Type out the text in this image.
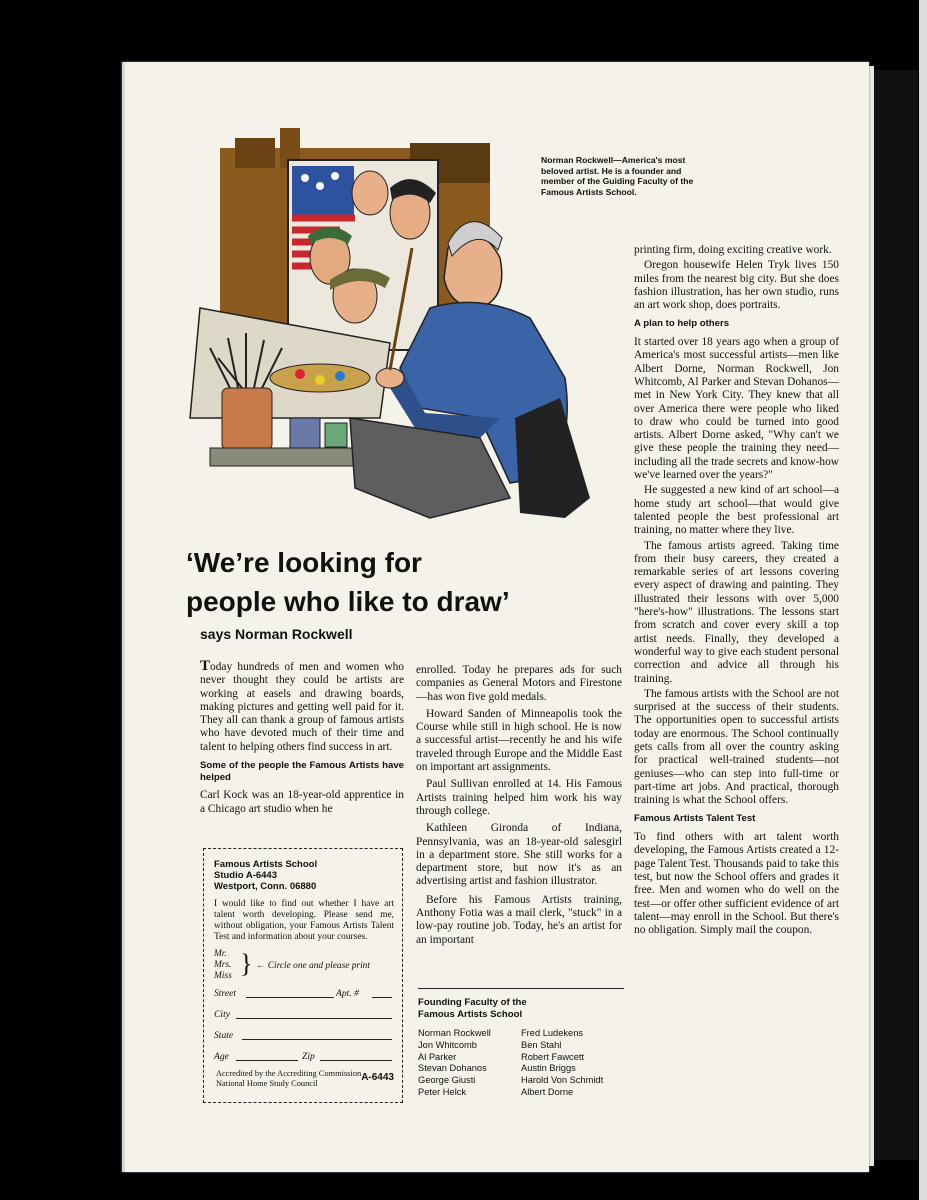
Norman Rockwell—America's most beloved artist. He is a founder and member of the Guiding Faculty of the Famous Artists School.
‘We’re looking for
people who like to draw’
says Norman Rockwell

Today hundreds of men and women who never thought they could be artists are working at easels and drawing boards, making pictures and getting well paid for it. They all can thank a group of famous artists who have devoted much of their time and talent to helping others find success in art.

Some of the people the Famous Artists have helped

Carl Kock was an 18-year-old apprentice in a Chicago art studio when he

Famous Artists School
Studio A-6443
Westport, Conn. 06880
I would like to find out whether I have art talent worth developing. Please send me, without obligation, your Famous Artists Talent Test and information about your courses.
Mr.
Mrs.
Miss } ← Circle one and please print
Street	Apt. #
City
State
Age	Zip
Accredited by the Accrediting Commission
National Home Study Council
A-6443

enrolled. Today he prepares ads for such companies as General Motors and Firestone—has won five gold medals.

Howard Sanden of Minneapolis took the Course while still in high school. He is now a successful artist—recently he and his wife traveled through Europe and the Middle East on important art assignments.

Paul Sullivan enrolled at 14. His Famous Artists training helped him work his way through college.

Kathleen Gironda of Indiana, Pennsylvania, was an 18-year-old salesgirl in a department store. She still works for a department store, but now it's as an advertising artist and fashion illustrator.

Before his Famous Artists training, Anthony Fotia was a mail clerk, "stuck" in a low-pay routine job. Today, he's an artist for an important

Founding Faculty of the
Famous Artists School
Norman Rockwell
Jon Whitcomb
Al Parker
Stevan Dohanos
George Giusti
Peter Helck
Fred Ludekens
Ben Stahl
Robert Fawcett
Austin Briggs
Harold Von Schmidt
Albert Dorne

printing firm, doing exciting creative work.

Oregon housewife Helen Tryk lives 150 miles from the nearest big city. But she does fashion illustration, has her own studio, runs an art work shop, does portraits.

A plan to help others

It started over 18 years ago when a group of America's most successful artists—men like Albert Dorne, Norman Rockwell, Jon Whitcomb, Al Parker and Stevan Dohanos—met in New York City. They knew that all over America there were people who liked to draw who could be turned into good artists. Albert Dorne asked, "Why can't we give these people the training they need—including all the trade secrets and know-how we've learned over the years?"

He suggested a new kind of art school—a home study art school—that would give talented people the best professional art training, no matter where they live.

The famous artists agreed. Taking time from their busy careers, they created a remarkable series of art lessons covering every aspect of drawing and painting. They illustrated their lessons with over 5,000 "here's-how" illustrations. The lessons start from scratch and cover every skill a top artist needs. Finally, they developed a wonderful way to give each student personal correction and advice all through his training.

The famous artists with the School are not surprised at the success of their students. The opportunities open to successful artists today are enormous. The School continually gets calls from all over the country asking for practical well-trained students—not geniuses—who can step into full-time or part-time art jobs. And practical, thorough training is what the School offers.

Famous Artists Talent Test

To find others with art talent worth developing, the Famous Artists created a 12-page Talent Test. Thousands paid to take this test, but now the School offers and grades it free. Men and women who do well on the test—or offer other sufficient evidence of art talent—may enroll in the School. But there's no obligation. Simply mail the coupon.
